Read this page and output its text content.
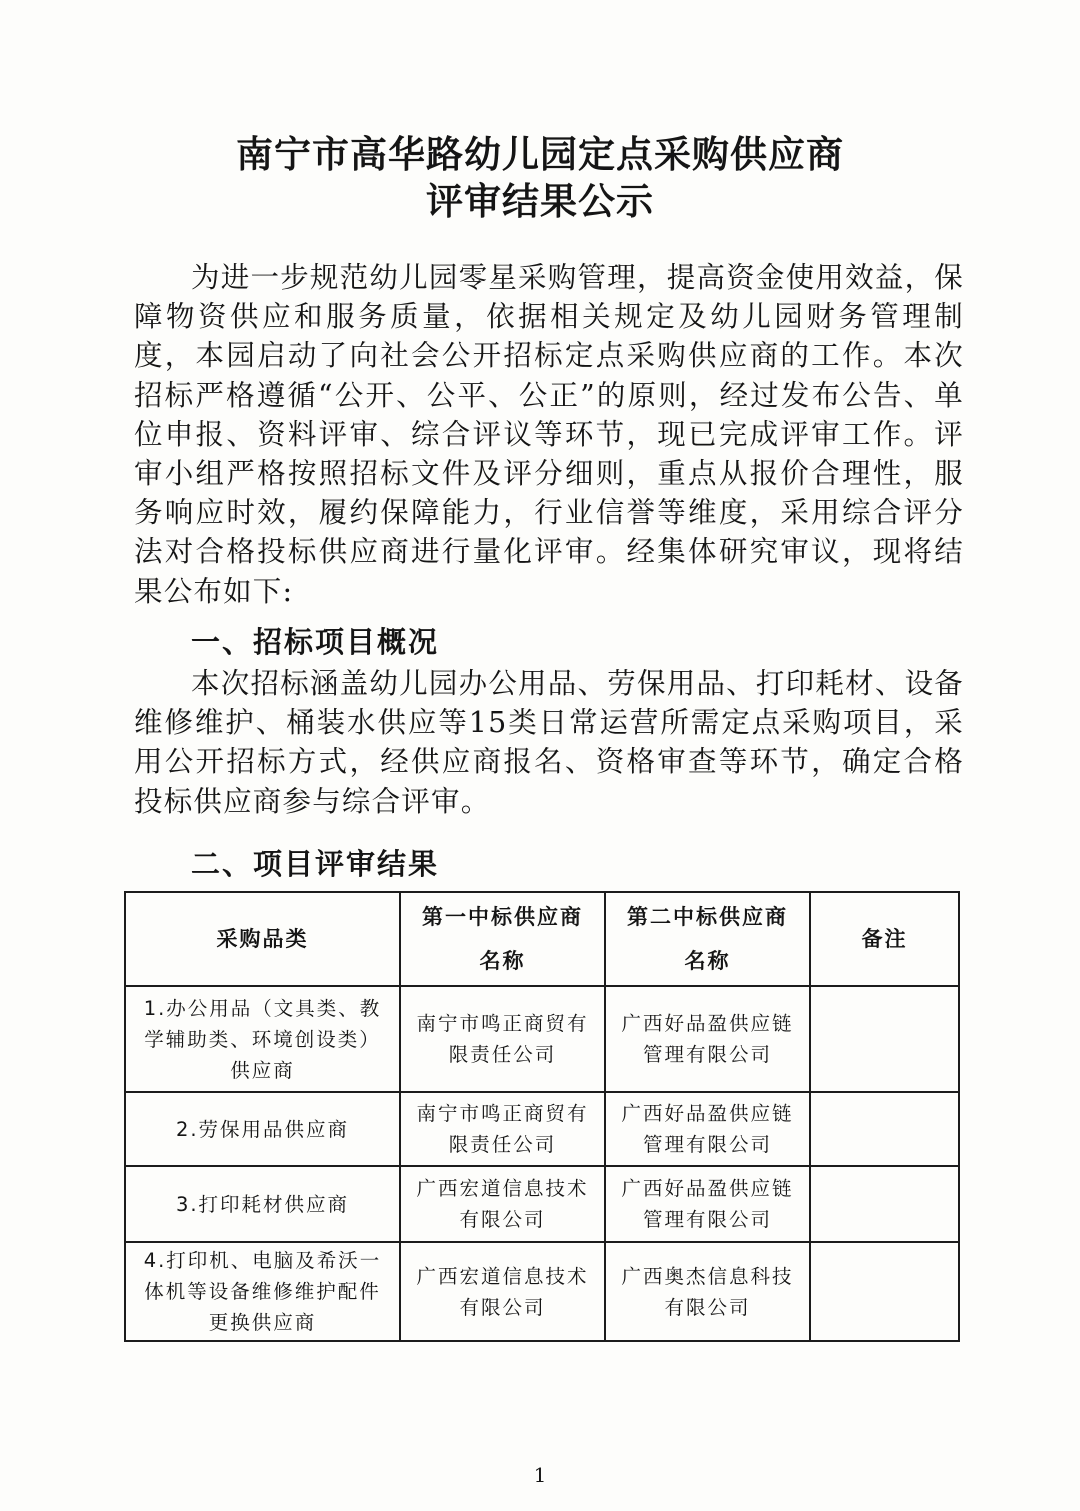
南宁市高华路幼儿园定点采购供应商
评审结果公示

为进一步规范幼儿园零星采购管理，提高资金使用效益，保障物资供应和服务质量，依据相关规定及幼儿园财务管理制度，本园启动了向社会公开招标定点采购供应商的工作。本次招标严格遵循“公开、公平、公正”的原则，经过发布公告、单位申报、资料评审、综合评议等环节，现已完成评审工作。评审小组严格按照招标文件及评分细则，重点从报价合理性，服务响应时效，履约保障能力，行业信誉等维度，采用综合评分法对合格投标供应商进行量化评审。经集体研究审议，现将结果公布如下:

一、招标项目概况

本次招标涵盖幼儿园办公用品、劳保用品、打印耗材、设备维修维护、桶装水供应等15类日常运营所需定点采购项目，采用公开招标方式，经供应商报名、资格审查等环节，确定合格投标供应商参与综合评审。

二、项目评审结果
采购品类	第一中标供应商名称	第二中标供应商名称	备注
1.办公用品（文具类、教学辅助类、环境创设类）供应商	南宁市鸣正商贸有限责任公司	广西好品盈供应链管理有限公司	
2.劳保用品供应商	南宁市鸣正商贸有限责任公司	广西好品盈供应链管理有限公司	
3.打印耗材供应商	广西宏道信息技术有限公司	广西好品盈供应链管理有限公司	
4.打印机、电脑及希沃一体机等设备维修维护配件更换供应商	广西宏道信息技术有限公司	广西奥杰信息科技有限公司	

1
